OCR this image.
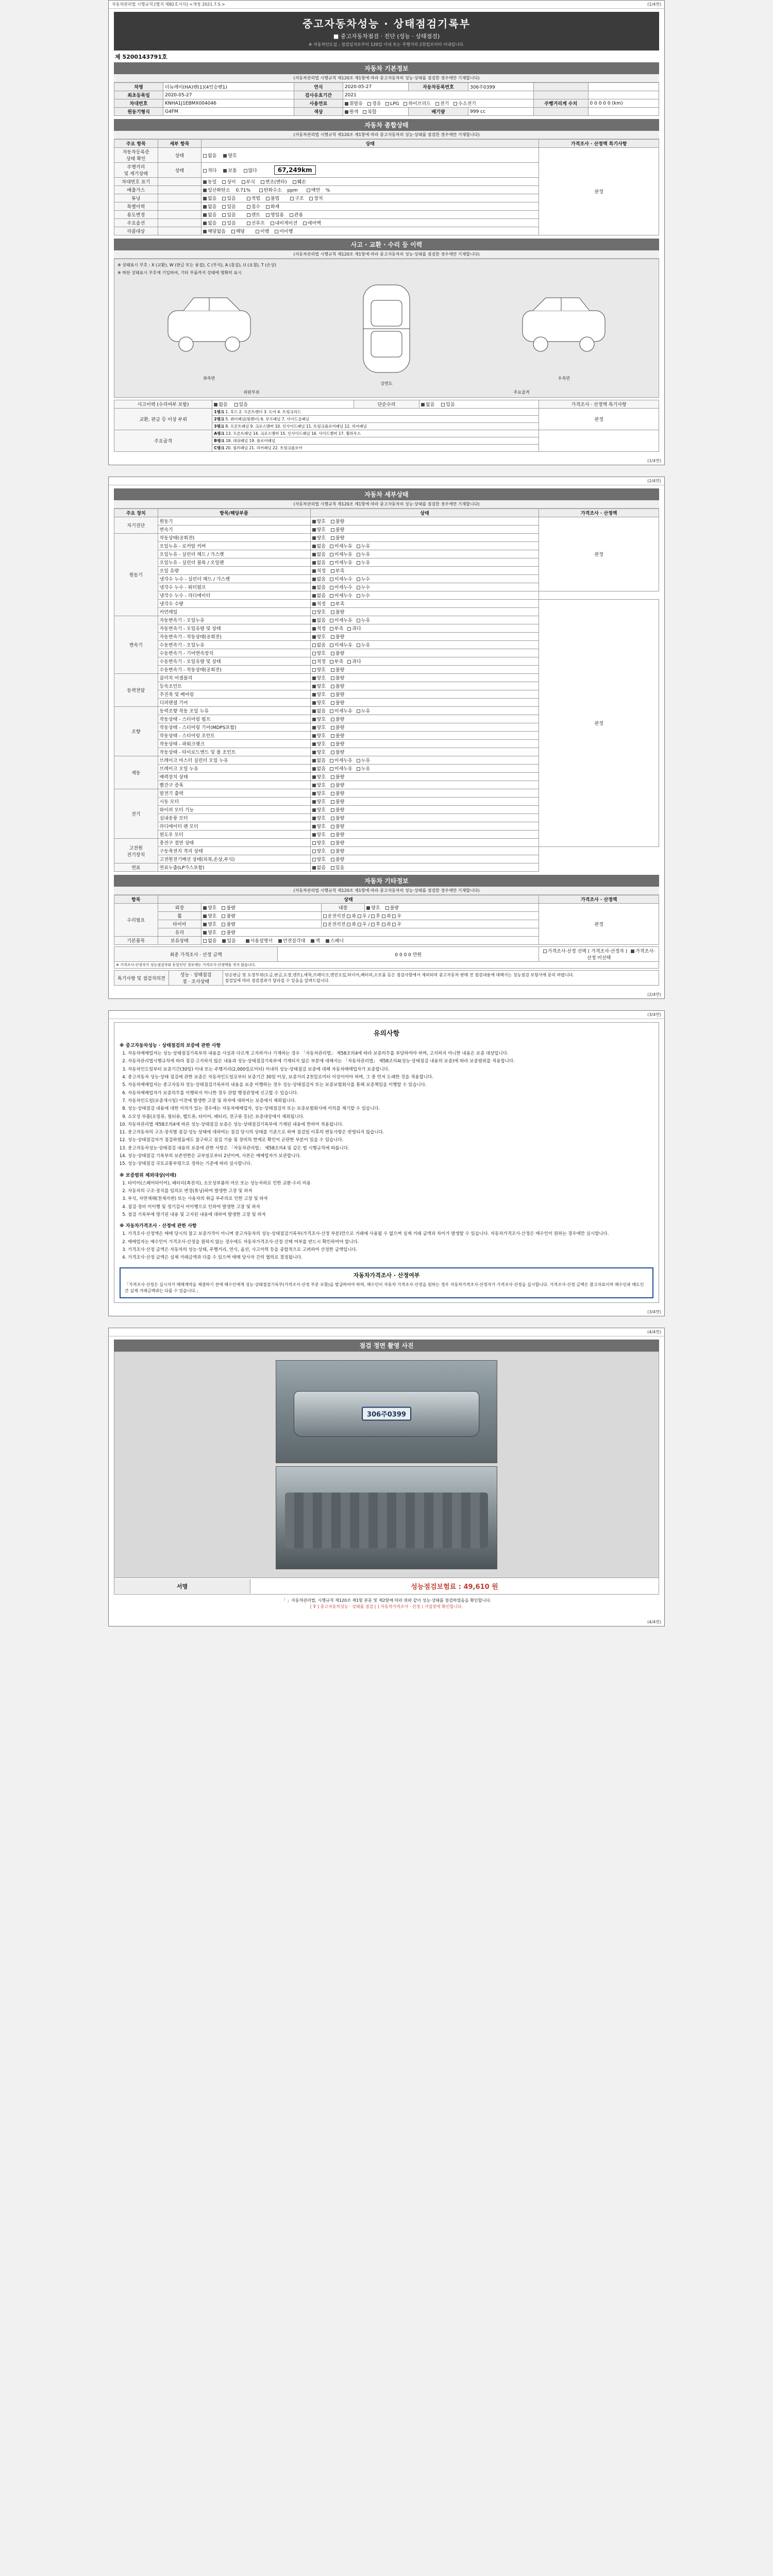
자동차관리법 시행규칙 [별지 제82호서식] <개정 2021.7.5.>	(1/4면)
중고자동차성능 · 상태점검기록부
■ 중고자동차점검 · 진단 (성능 · 상태점검)
※ 자동차인도일 : 점검일자로부터 120일 이내 또는 주행거리 2천킬로미터 이내입니다.
제 5200143791호
자동차 기본정보
(자동차관리법 시행규칙 제120조 제1항에 따라 중고자동차의 성능·상태를 점검한 경우에만 기재합니다)
차명	더뉴레이(HA)밴(1)(4인승밴1)	연식	2020-05-27	자동차등록번호	306주0399		
최초등록일	2020-05-27	검사유효기간	2021				
차대번호	KNHA1J1EBMX004046	사용연료	휘발유 경유 LPG 하이브리드 전기 수소전기			주행거리계 수치	0 0 0 0 0 (km)
원동기형식	G4FM	색상	원색 복합	배기량	999 cc		
자동차 종합상태
(자동차관리법 시행규칙 제120조 제1항에 따라 중고자동차의 성능·상태를 점검한 경우에만 기재합니다)
주요 항목	세부 항목	상태	가격조사 · 산정액 특기사항
자동차등록증
상태 확인	상태	없음 양호	판정
주행거리
및 계기상태	상태	적다 보통 많다 67,249km	
차대번호 표기		동일 상이 부식 변조(변타) 훼손	
배출가스		일산화탄소 0.71% 탄화수소 ppm 매연 %	
튜닝		없음 있음 적법 불법 구조 장치	
특별이력		없음 있음 침수 화재	
용도변경		없음 있음 렌트 영업용 관용	
주요옵션		없음 있음 선루프 내비게이션 에어백	
리콜대상		해당없음 해당 이행 미이행	
사고 · 교환 · 수리 등 이력
(자동차관리법 시행규칙 제120조 제1항에 따라 중고자동차의 성능·상태를 점검한 경우에만 기재합니다)
※ 상태표시 부호 : X (교환), W (판금 또는 용접), C (부식), A (흠집), U (요철), T (손상)
※ 하단 상태표시 부호에 기입하여, 기타 부품까지 상태에 명확히 표시
좌측면
상면도
우측면
외판부위	주요골격
사고이력 (수리여부 포함)	없음 있음	단순수리	없음 있음	가격조사 · 산정액 특기사항
교환, 판금 등 이상 부위	1랭크 1. 후드 2. 프론트팬더 3. 도어 4. 트렁크리드			판정
	2랭크 5. 쿼터패널(뒷펜더) 6. 루프패널 7. 사이드실패널			
	3랭크 8. 프론트패널 9. 크로스맴버 10. 인사이드패널 11. 트렁크플로어패널 12. 리어패널			
주요골격	A랭크 13. 프론트패널 14. 크로스맴버 15. 인사이드패널 16. 사이드멤버 17. 휠하우스			
	B랭크 18. 대쉬패널 19. 플로어패널			
	C랭크 20. 필러패널 21. 리어패널 22. 트렁크플로어			
(1/4면)
(2/4면)
자동차 세부상태
(자동차관리법 시행규칙 제120조 제1항에 따라 중고자동차의 성능·상태를 점검한 경우에만 기재합니다)
주요 장치	항목/해당부품	상태	가격조사 · 산정액
자기진단	원동기	양호 불량	판정
	변속기	양호 불량	
원동기	작동상태(공회전)	양호 불량	
	오일누유 - 로커암 커버	없음 미세누유 누유	
	오일누유 - 실린더 헤드 / 가스켓	없음 미세누유 누유	
	오일누유 - 실린더 블록 / 오일팬	없음 미세누유 누유	
	오일 유량	적정 부족	
	냉각수 누수 - 실린더 헤드 / 가스켓	없음 미세누수 누수	
	냉각수 누수 - 워터펌프	없음 미세누수 누수	
	냉각수 누수 - 라디에이터	없음 미세누수 누수	
	냉각수 수량	적정 부족	판정
	커먼레일	양호 불량	
변속기	자동변속기 - 오일누유	없음 미세누유 누유	
	자동변속기 - 오일유량 및 상태	적정 부족 과다	
	자동변속기 - 작동상태(공회전)	양호 불량	
	수동변속기 - 오일누유	없음 미세누유 누유	
	수동변속기 - 기어변속장치	양호 불량	
	수동변속기 - 오일유량 및 상태	적정 부족 과다	
	수동변속기 - 작동상태(공회전)	양호 불량	
동력전달	클러치 어셈블리	양호 불량	
	등속조인트	양호 불량	
	추진축 및 베어링	양호 불량	
	디퍼렌셜 기어	양호 불량	
조향	동력조향 작동 오일 누유	없음 미세누유 누유	
	작동상태 - 스티어링 펌프	양호 불량	
	작동상태 - 스티어링 기어(MDPS포함)	양호 불량	
	작동상태 - 스티어링 조인트	양호 불량	
	작동상태 - 파워크랭크	양호 불량	
	작동상태 - 타이로드엔드 및 볼 조인트	양호 불량	
제동	브레이크 마스터 실린더 오일 누유	없음 미세누유 누유	
	브레이크 오일 누유	없음 미세누유 누유	
	배력장치 상태	양호 불량	
	빨간구 증폭	양호 불량	
전기	발전기 출력	양호 불량	
	시동 모터	양호 불량	
	와이퍼 모터 기능	양호 불량	
	실내송풍 모터	양호 불량	
	라디에이터 팬 모터	양호 불량	
	윈도우 모터	양호 불량	
고전원
전기장치	충전구 절연 상태	양호 불량	
	구동축전지 격리 상태	양호 불량	
	고전원전기배선 상태(피복,손상,부식)	양호 불량	
연료	연료누출(LP가스포함)	없음 있음	
자동차 기타정보
(자동차관리법 시행규칙 제120조 제1항에 따라 중고자동차의 성능·상태를 점검한 경우에만 기재합니다)
항목	상태				가격조사 · 산정액
수리필요	외장	양호 불량	내장	양호 불량	판정
	휠	양호 불량	운전석전 좌 우 / 후 좌 우		
	타이어	양호 불량	운전석전 좌 우 / 후 좌 우		
	유리	양호 불량			
기본품목	보유상태	없음 있음 사용설명서 안전삼각대 잭 스패너			
최종 가격조사 · 산정 금액	0 0 0 0 만원	가격조사·산정 선택 ( 가격조사·산정자 ) 가격조사·산정 미선택
※ 가격조사·산정자가 성능점검자와 동일인인 경우에는 가격조사·산정액을 적지 않습니다.
특기사항 및 점검자의견	성능 · 상태점검
점 · 조사상태	단순판금 및 도장부위(도금,판금,도장,덴트),세척,브레이크,엔진오일,타이어,배터리,소모품 등은 점검사항에서 제외되며 중고자동차 판매 전 점검내용에 대해서는 성능점검 보험사에 문의 바랍니다.
점검일에 따라 점검결과가 달라질 수 있음을 알려드립니다.
(2/4면)
(3/4면)
유의사항
※ 중고자동차성능 · 상태점검의 보증에 관한 사항
1. 자동차매매업자는 성능·상태점검기록부의 내용을 사실과 다르게 고지하거나 기재하는 경우 「자동차관리법」 제58조의4에 따라 보증의무를 부담하여야 하며, 고지하지 아니한 내용은 보증 대상입니다.
2. 자동차관리법시행규칙에 따라 점검·고지하지 않은 내용과 성능·상태점검기록부에 기재되지 않은 부분에 대해서는 「자동차관리법」 제58조의4(성능·상태점검 내용의 보증)에 따라 보증범위를 적용합니다.
3. 자동차인도일부터 보증기간(30일) 이내 또는 주행거리(2,000킬로미터) 이내의 성능·상태점검 보증에 대해 자동차매매업자가 보증합니다.
4. 중고자동차 성능·상태 점검에 관한 보증은 자동차인도일로부터 보증기간 30일 이상, 보증거리 2천킬로미터 이상이어야 하며, 그 중 먼저 도래한 것을 적용합니다.
5. 자동차매매업자는 중고자동차 성능·상태점검기록부의 내용을 보증 이행하는 경우 성능·상태점검자 또는 보증보험회사를 통해 보증책임을 이행할 수 있습니다.
6. 자동차매매업자가 보증의무를 이행하지 아니한 경우 관할 행정관청에 신고할 수 있습니다.
7. 자동차인도일(보증개시일) 이전에 발생한 고장 및 하자에 대하여는 보증에서 제외됩니다.
8. 성능·상태점검 내용에 대한 이의가 있는 경우에는 자동차매매업자, 성능·상태점검자 또는 보증보험회사에 이의를 제기할 수 있습니다.
9. 소모성 부품(오일류, 필터류, 벨트류, 타이어, 배터리, 전구류 등)은 보증대상에서 제외됩니다.
10. 자동차관리법 제58조의4에 따른 성능·상태점검 보증은 성능·상태점검기록부에 기재된 내용에 한하여 적용됩니다.
11. 중고자동차의 구조·장치별 점검·성능 상태에 대하여는 점검 당시의 상태를 기준으로 하며 점검일 이후의 변동사항은 반영되지 않습니다.
12. 성능·상태점검자가 점검하였음에도 불구하고 점검 기술 및 장비의 한계로 확인이 곤란한 부분이 있을 수 있습니다.
13. 중고자동차성능·상태점검 내용의 보증에 관한 사항은 「자동차관리법」 제58조의4 및 같은 법 시행규칙에 따릅니다.
14. 성능·상태점검 기록부의 보존연한은 교부일로부터 2년이며, 사본은 매매업자가 보관합니다.
15. 성능·상태점검 국토교통부령으로 정하는 기준에 따라 실시합니다.
※ 보증범위 제외대상(아래)
1. 타이어(스페어타이어), 배터리(축전지), 소모성부품의 마모 또는 성능저하로 인한 교환·수리 비용
2. 자동차의 구조·장치를 임의로 변경(튜닝)하여 발생한 고장 및 하자
3. 부식, 자연재해(천재지변) 또는 사용자의 취급 부주의로 인한 고장 및 하자
4. 점검·정비 미이행 및 정기검사 미이행으로 인하여 발생한 고장 및 하자
5. 점검 기록부에 명기된 내용 및 고지된 내용에 대하여 발생한 고장 및 하자
※ 자동차가격조사 · 산정에 관한 사항
1. 가격조사·산정액은 매매 당시의 참고 보증가격이 아니며 중고자동차의 성능·상태점검기록부(가격조사·산정 부분)만으로 거래에 사용될 수 없으며 실제 거래 금액과 차이가 발생할 수 있습니다. 자동차가격조사·산정은 매수인이 원하는 경우에만 실시합니다.
2. 매매업자는 매수인이 가격조사·산정을 원하지 않는 경우에도 자동차가격조사·산정 선택 여부를 반드시 확인하여야 합니다.
3. 가격조사·산정 금액은 자동차의 성능·상태, 주행거리, 연식, 옵션, 사고이력 등을 종합적으로 고려하여 산정한 금액입니다.
4. 가격조사·산정 금액은 실제 거래금액과 다를 수 있으며 매매 당사자 간의 협의로 결정됩니다.
자동차가격조사 · 산정여부
「가격조사·산정은 실시자가 매매계약을 체결하기 전에 매수인에게 성능·상태점검기록부(가격조사·산정 부분 포함)을 발급하여야 하며, 매수인이 자동차 가격조사·산정을 원하는 경우 자동차가격조사·산정자가 가격조사·산정을 실시합니다. 가격조사·산정 금액은 참고자료이며 매수인과 매도인 간 실제 거래금액과는 다를 수 있습니다.」
(3/4면)
(4/4면)
점검 정면 촬영 사진
306주0399
서명	성능점검보험료 : 49,610 원
「 」자동차관리법, 시행규칙 제120조 제1항 본문 및 제2항에 따라 위와 같이 성능·상태를 점검하였음을 확인합니다.
[ ⊽ ] 중고자동차성능 · 상태를 점검 [ ] 자동차가격조사 · 산정 ) 사업장에 확인합니다.
(4/4면)
